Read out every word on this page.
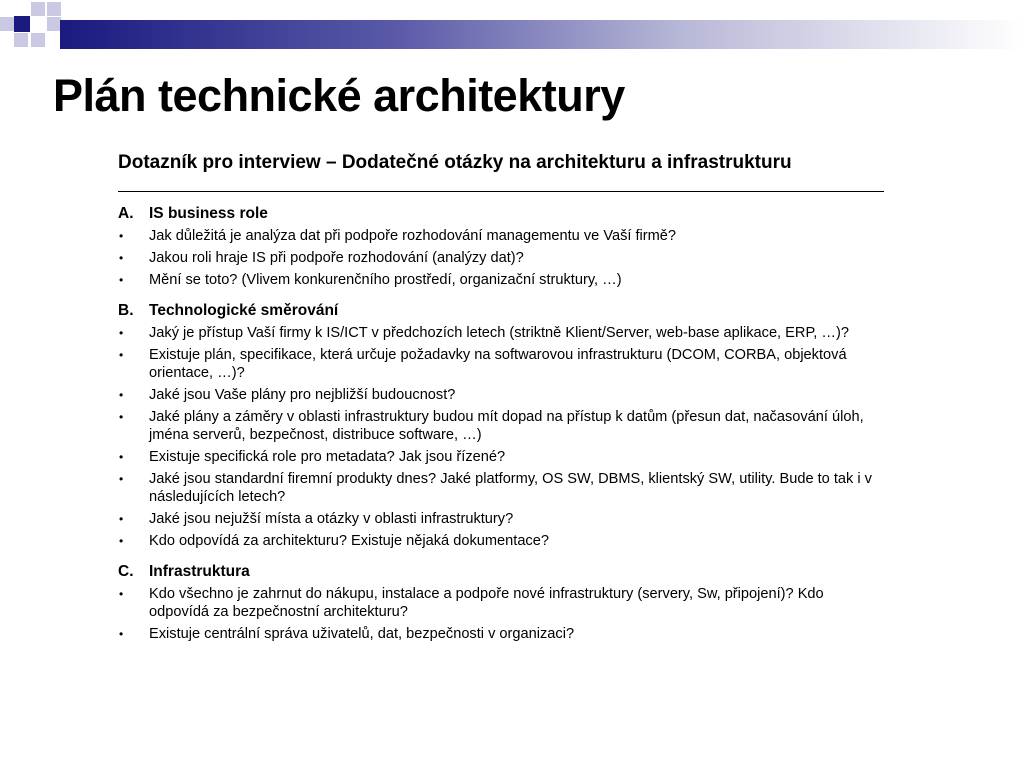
Plán technické architektury

Dotazník pro interview – Dodatečné otázky na architekturu a infrastrukturu

A.	IS business role
•	Jak důležitá je analýza dat při podpoře rozhodování managementu ve Vaší firmě?
•	Jakou roli hraje IS při podpoře rozhodování (analýzy dat)?
•	Mění se toto? (Vlivem konkurenčního prostředí, organizační struktury, …)
B.	Technologické směrování
•	Jaký je přístup Vaší firmy k IS/ICT v předchozích letech (striktně Klient/Server, web-base aplikace, ERP, …)?
•	Existuje plán, specifikace, která určuje požadavky na softwarovou infrastrukturu (DCOM, CORBA, objektová orientace, …)?
•	Jaké jsou Vaše plány pro nejbližší budoucnost?
•	Jaké plány a záměry v oblasti infrastruktury budou mít dopad na přístup k datům (přesun dat, načasování úloh, jména serverů, bezpečnost, distribuce software, …)
•	Existuje specifická role pro metadata? Jak jsou řízené?
•	Jaké jsou standardní firemní produkty dnes? Jaké platformy, OS SW, DBMS, klientský SW, utility. Bude to tak i v následujících letech?
•	Jaké jsou nejužší místa a otázky v oblasti infrastruktury?
•	Kdo odpovídá za architekturu? Existuje nějaká dokumentace?
C.	Infrastruktura
•	Kdo všechno je zahrnut do nákupu, instalace a podpoře nové infrastruktury (servery, Sw, připojení)? Kdo odpovídá za bezpečnostní architekturu?
•	Existuje centrální správa uživatelů, dat, bezpečnosti v organizaci?
